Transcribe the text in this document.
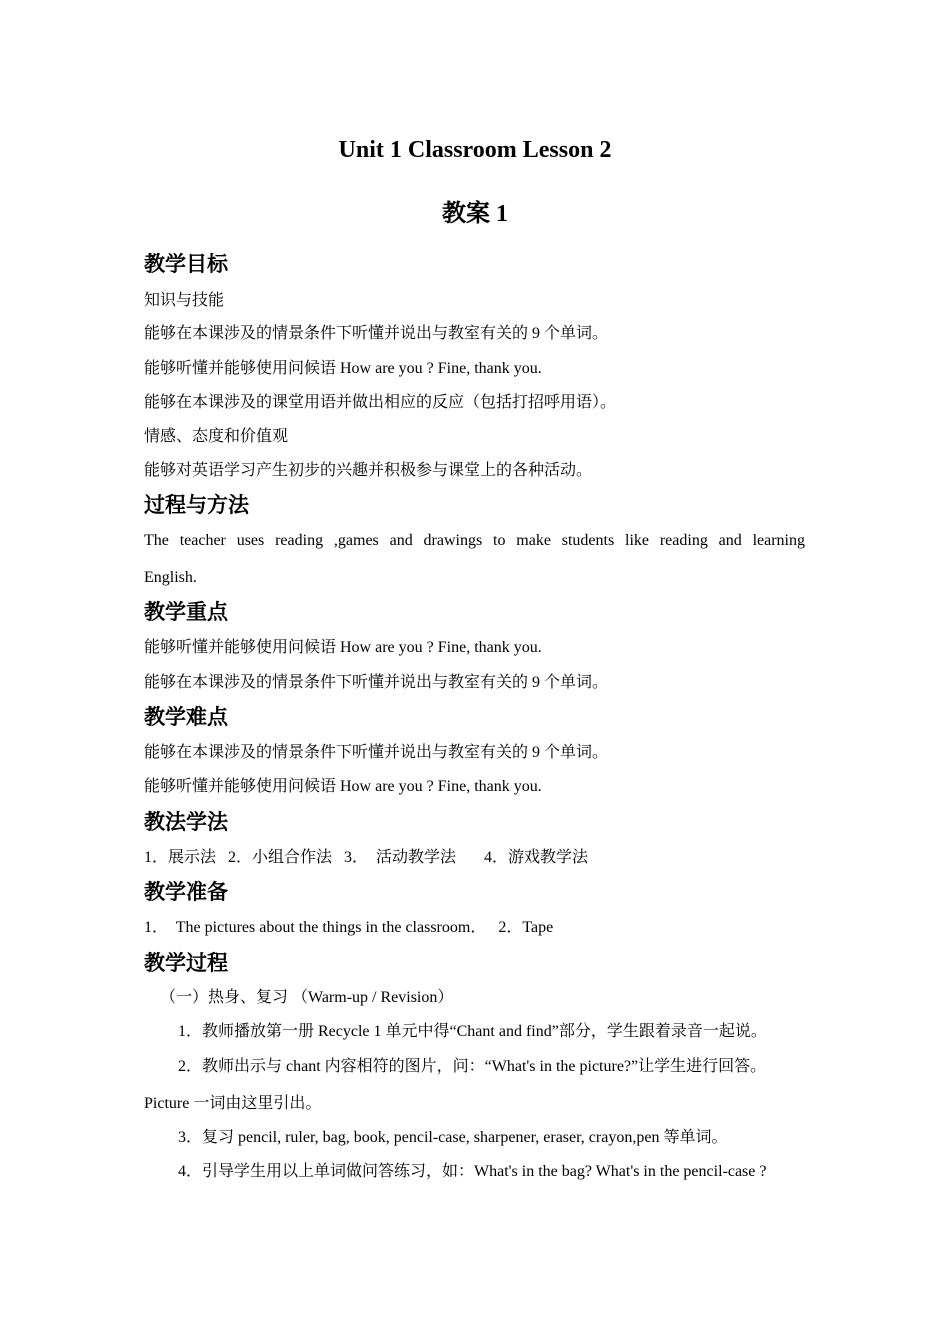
Unit 1 Classroom Lesson 2
教案 1
教学目标
知识与技能
能够在本课涉及的情景条件下听懂并说出与教室有关的 9 个单词。
能够听懂并能够使用问候语 How are you ? Fine, thank you.
能够在本课涉及的课堂用语并做出相应的反应（包括打招呼用语）。
情感、态度和价值观
能够对英语学习产生初步的兴趣并积极参与课堂上的各种活动。
过程与方法
The teacher uses reading ,games and drawings to make students like reading and learning
English.
教学重点
能够听懂并能够使用问候语 How are you ? Fine, thank you.
能够在本课涉及的情景条件下听懂并说出与教室有关的 9 个单词。
教学难点
能够在本课涉及的情景条件下听懂并说出与教室有关的 9 个单词。
能够听懂并能够使用问候语 How are you ? Fine, thank you.
教法学法
1．展示法   2．小组合作法   3．  活动教学法       4．游戏教学法
教学准备
1．  The pictures about the things in the classroom．   2．Tape
教学过程
（一）热身、复习 （Warm-up / Revision）
1．教师播放第一册 Recycle 1 单元中得“Chant and find”部分，学生跟着录音一起说。
2．教师出示与 chant 内容相符的图片，问：“What's in the picture?”让学生进行回答。
Picture 一词由这里引出。
3．复习 pencil, ruler, bag, book, pencil-case, sharpener, eraser, crayon,pen 等单词。
4．引导学生用以上单词做问答练习，如：What's in the bag? What's in the pencil-case ?
